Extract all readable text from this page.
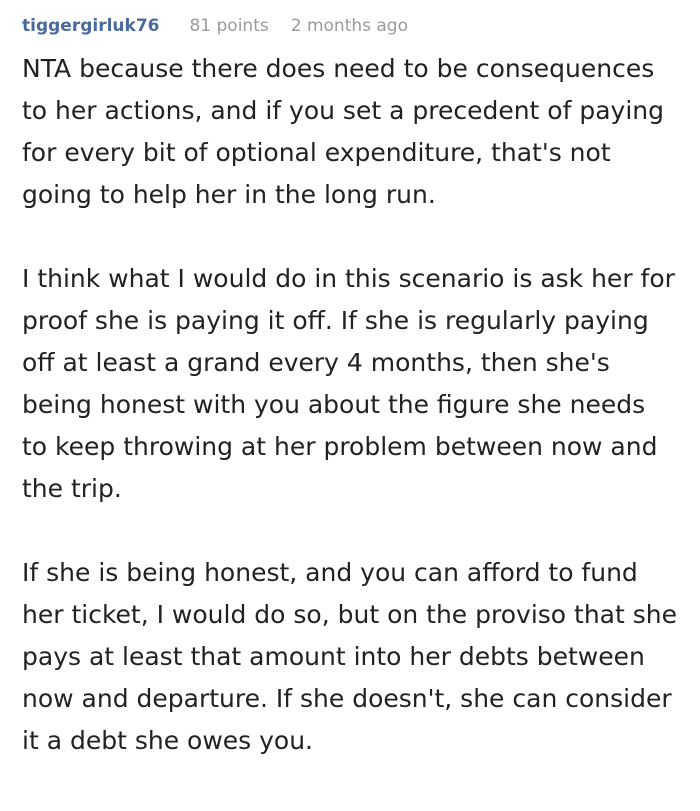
tiggergirluk76 81 points 2 months ago

NTA because there does need to be consequences to her actions, and if you set a precedent of paying for every bit of optional expenditure, that's not going to help her in the long run.

I think what I would do in this scenario is ask her for proof she is paying it off. If she is regularly paying off at least a grand every 4 months, then she's being honest with you about the figure she needs to keep throwing at her problem between now and the trip.

If she is being honest, and you can afford to fund her ticket, I would do so, but on the proviso that she pays at least that amount into her debts between now and departure. If she doesn't, she can consider it a debt she owes you.
